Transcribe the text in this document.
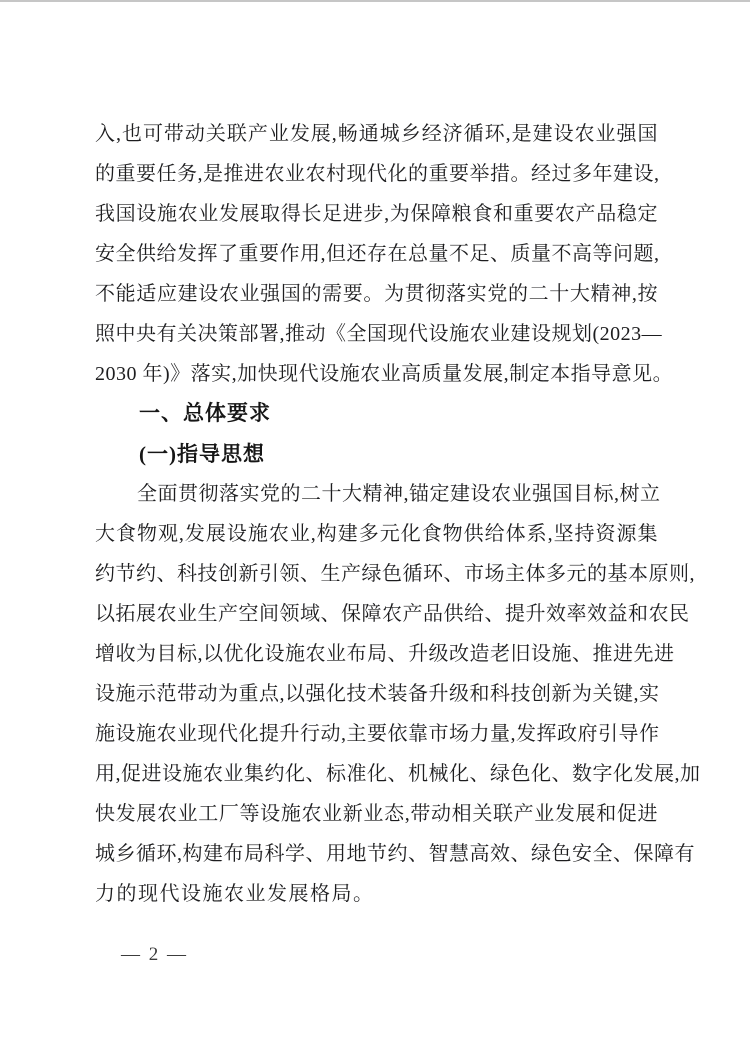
入,也可带动关联产业发展,畅通城乡经济循环,是建设农业强国
的重要任务,是推进农业农村现代化的重要举措。经过多年建设,
我国设施农业发展取得长足进步,为保障粮食和重要农产品稳定
安全供给发挥了重要作用,但还存在总量不足、质量不高等问题,
不能适应建设农业强国的需要。为贯彻落实党的二十大精神,按
照中央有关决策部署,推动《全国现代设施农业建设规划(2023—
2030 年)》落实,加快现代设施农业高质量发展,制定本指导意见。
一、总体要求
(一)指导思想
全面贯彻落实党的二十大精神,锚定建设农业强国目标,树立
大食物观,发展设施农业,构建多元化食物供给体系,坚持资源集
约节约、科技创新引领、生产绿色循环、市场主体多元的基本原则,
以拓展农业生产空间领域、保障农产品供给、提升效率效益和农民
增收为目标,以优化设施农业布局、升级改造老旧设施、推进先进
设施示范带动为重点,以强化技术装备升级和科技创新为关键,实
施设施农业现代化提升行动,主要依靠市场力量,发挥政府引导作
用,促进设施农业集约化、标准化、机械化、绿色化、数字化发展,加
快发展农业工厂等设施农业新业态,带动相关联产业发展和促进
城乡循环,构建布局科学、用地节约、智慧高效、绿色安全、保障有
力的现代设施农业发展格局。
— 2 —
